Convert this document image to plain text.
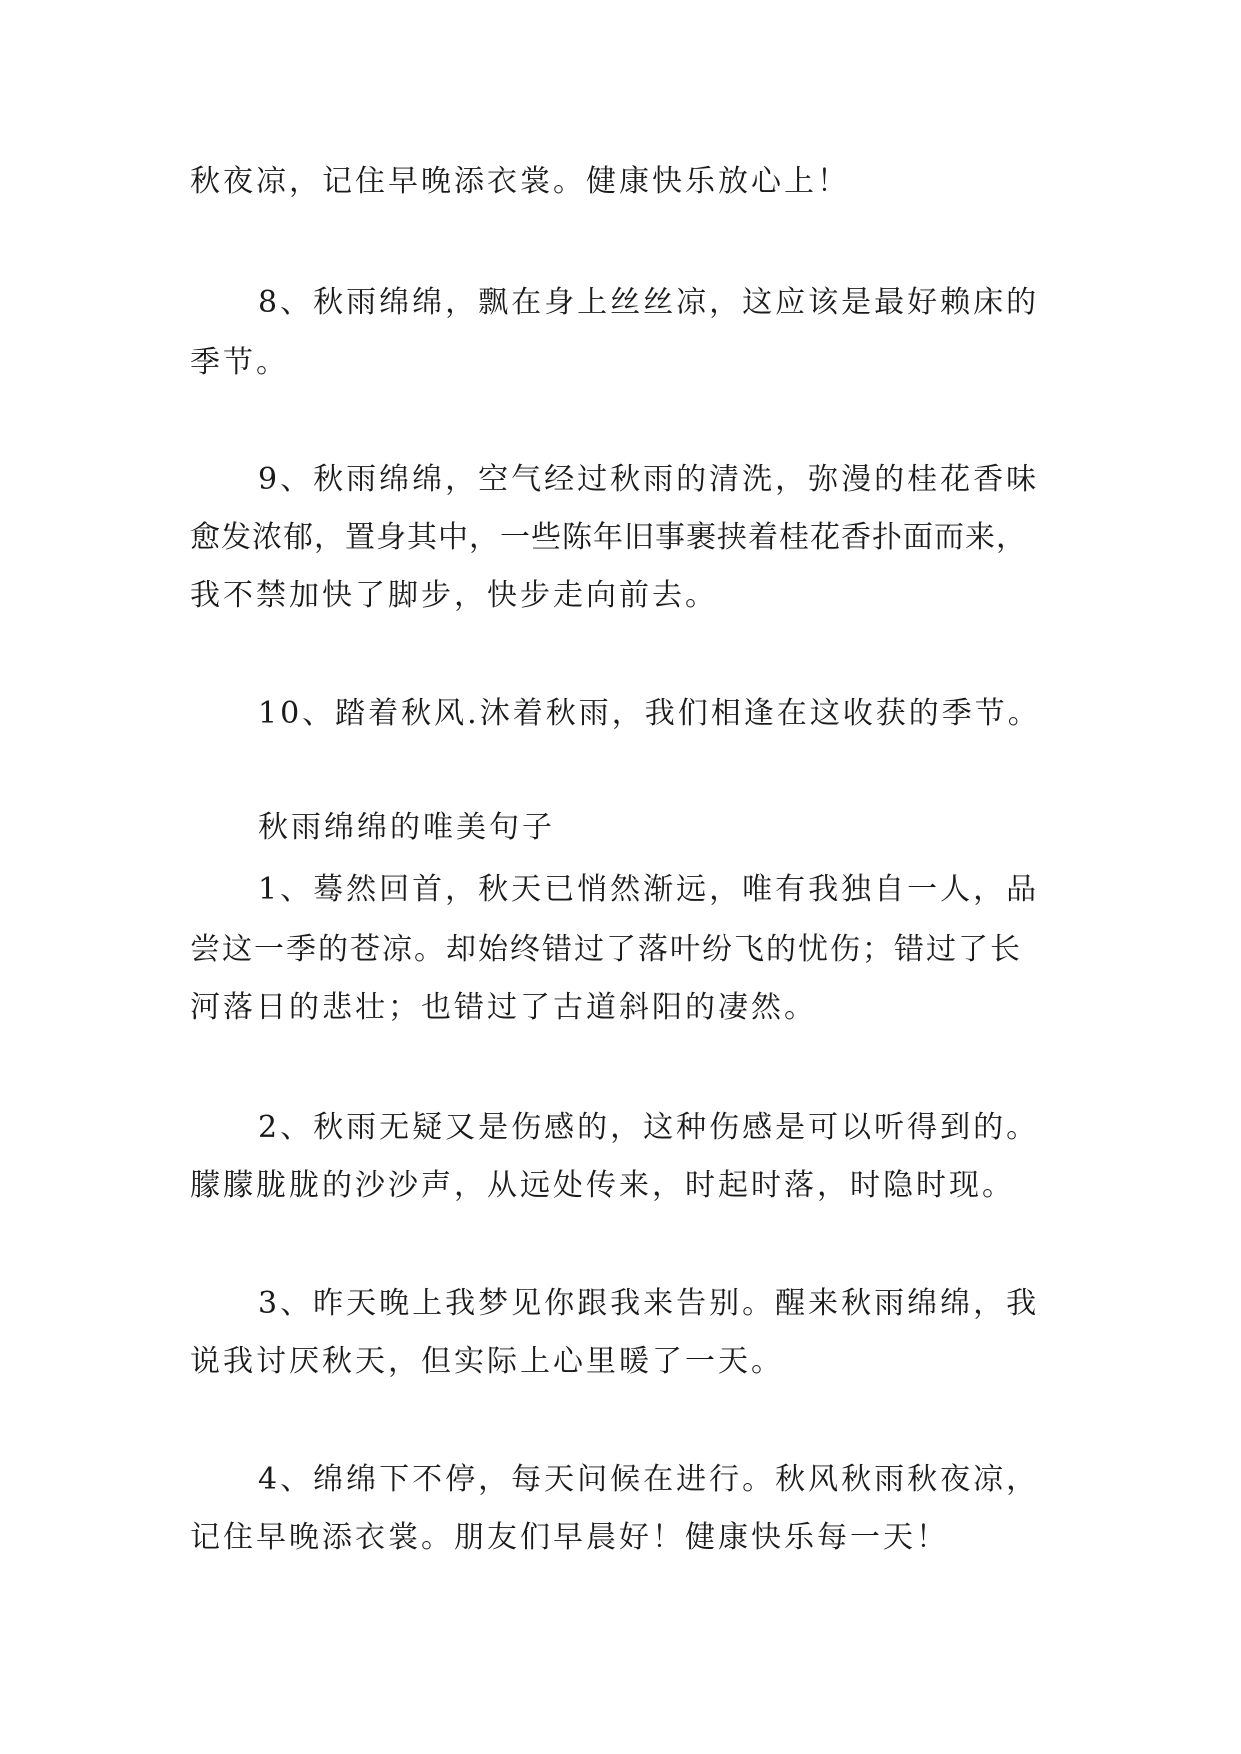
秋夜凉，记住早晚添衣裳。健康快乐放心上！
8、秋雨绵绵，飘在身上丝丝凉，这应该是最好赖床的
季节。
9、秋雨绵绵，空气经过秋雨的清洗，弥漫的桂花香味
愈发浓郁，置身其中，一些陈年旧事裹挟着桂花香扑面而来，
我不禁加快了脚步，快步走向前去。
10、踏着秋风.沐着秋雨，我们相逢在这收获的季节。
秋雨绵绵的唯美句子
1、蓦然回首，秋天已悄然渐远，唯有我独自一人，品
尝这一季的苍凉。却始终错过了落叶纷飞的忧伤；错过了长
河落日的悲壮；也错过了古道斜阳的凄然。
2、秋雨无疑又是伤感的，这种伤感是可以听得到的。
朦朦胧胧的沙沙声，从远处传来，时起时落，时隐时现。
3、昨天晚上我梦见你跟我来告别。醒来秋雨绵绵，我
说我讨厌秋天，但实际上心里暖了一天。
4、绵绵下不停，每天问候在进行。秋风秋雨秋夜凉，
记住早晚添衣裳。朋友们早晨好！健康快乐每一天！
